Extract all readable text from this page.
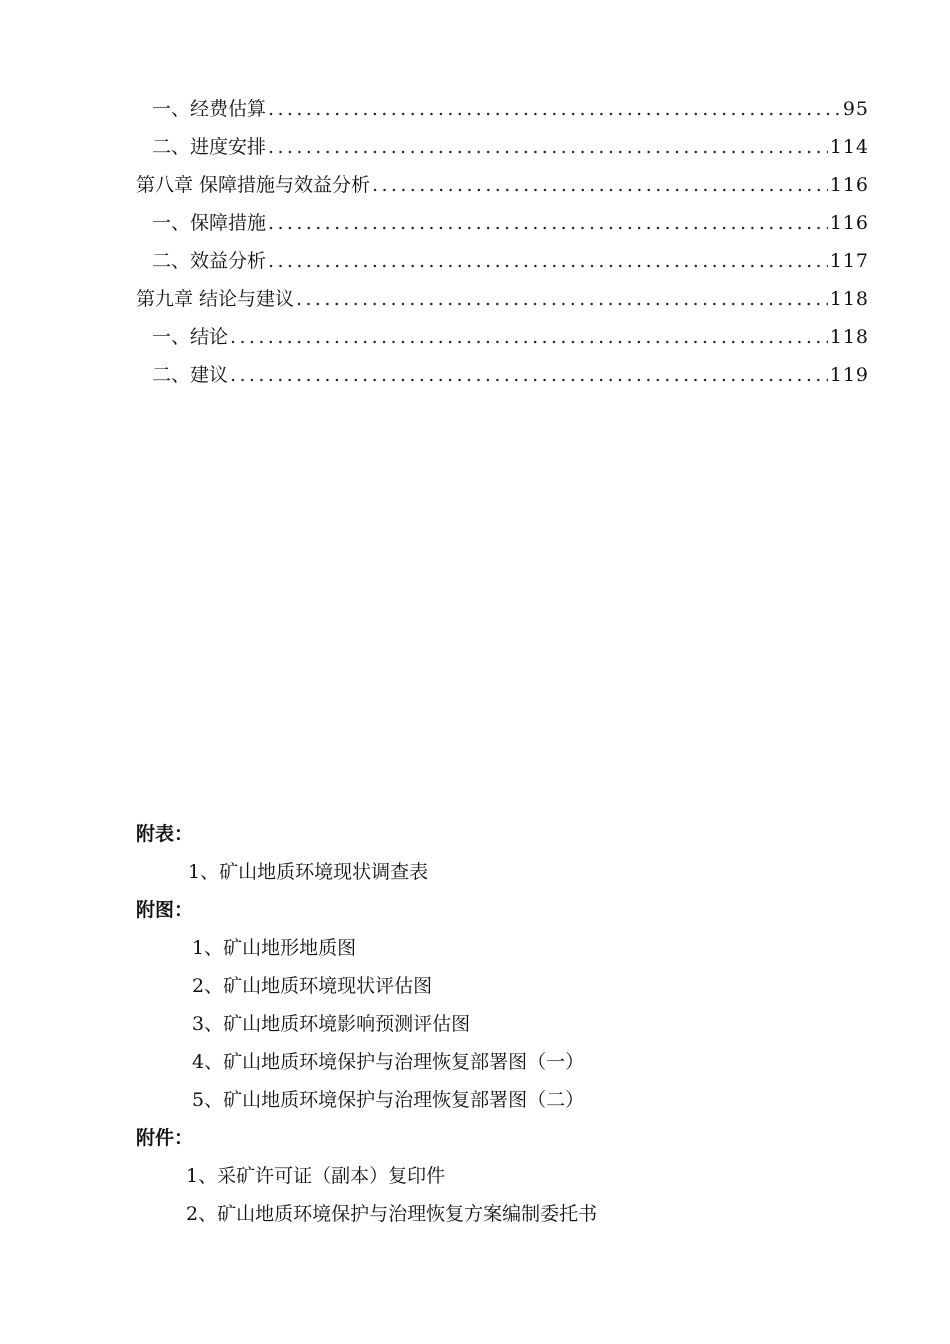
一、经费估算 .....	95
二、进度安排 .....	114
第八章 保障措施与效益分析 .....	116
一、保障措施 .....	116
二、效益分析 .....	117
第九章 结论与建议 .....	118
一、结论 .....	118
二、建议 .....	119
附表：
1、矿山地质环境现状调查表
附图：
1、矿山地形地质图
2、矿山地质环境现状评估图
3、矿山地质环境影响预测评估图
4、矿山地质环境保护与治理恢复部署图（一）
5、矿山地质环境保护与治理恢复部署图（二）
附件：
1、采矿许可证（副本）复印件
2、矿山地质环境保护与治理恢复方案编制委托书
